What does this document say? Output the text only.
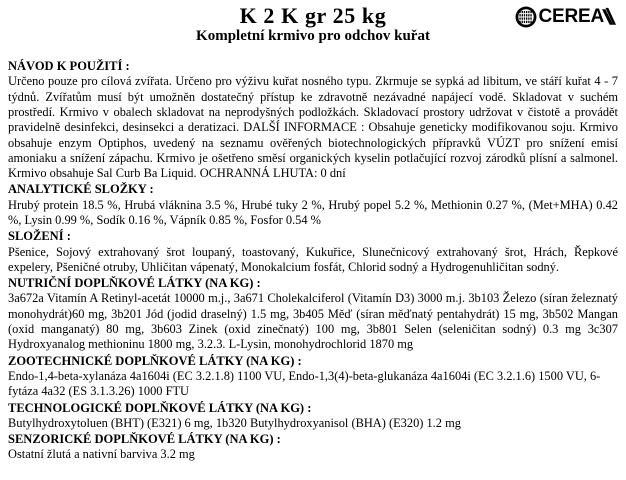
K 2 K gr 25 kg
Kompletní krmivo pro odchov kuřat
CEREA
NÁVOD K POUŽITÍ :

Určeno pouze pro cílová zvířata. Určeno pro výživu kuřat nosného typu. Zkrmuje se sypká ad libitum, ve stáří kuřat 4 - 7 týdnů. Zvířatům musí být umožněn dostatečný přístup ke zdravotně nezávadné napájecí vodě. Skladovat v suchém prostředí. Krmivo v obalech skladovat na neprodyšných podložkách. Skladovací prostory udržovat v čistotě a provádět pravidelně desinfekci, desinsekci a deratizaci. DALŠÍ INFORMACE : Obsahuje geneticky modifikovanou soju. Krmivo obsahuje enzym Optiphos, uvedený na seznamu ověřených biotechnologických přípravků VÚZT pro snížení emisí amoniaku a snížení zápachu. Krmivo je ošetřeno směsí organických kyselin potlačující rozvoj zárodků plísní a salmonel. Krmivo obsahuje Sal Curb Ba Liquid. OCHRANNÁ LHUTA: 0 dní

ANALYTICKÉ SLOŽKY :

Hrubý protein 18.5 %, Hrubá vláknina 3.5 %, Hrubé tuky 2 %, Hrubý popel 5.2 %, Methionin 0.27 %, (Met+MHA) 0.42 %, Lysin 0.99 %, Sodík 0.16 %, Vápník 0.85 %, Fosfor 0.54 %

SLOŽENÍ :

Pšenice, Sojový extrahovaný šrot loupaný, toastovaný, Kukuřice, Slunečnicový extrahovaný šrot, Hrách, Řepkové expelery, Pšeničné otruby, Uhličitan vápenatý, Monokalcium fosfát, Chlorid sodný a Hydrogenuhličitan sodný.

NUTRIČNÍ DOPLŇKOVÉ LÁTKY (NA KG) :

3a672a Vitamín A Retinyl-acetát 10000 m.j., 3a671 Cholekalciferol (Vitamín D3) 3000 m.j. 3b103 Železo (síran železnatý monohydrát)60 mg, 3b201 Jód (jodid draselný) 1.5 mg, 3b405 Měď (síran měďnatý pentahydrát) 15 mg, 3b502 Mangan (oxid manganatý) 80 mg, 3b603 Zinek (oxid zinečnatý) 100 mg, 3b801 Selen (seleničitan sodný) 0.3 mg 3c307 Hydroxyanalog methioninu 1800 mg, 3.2.3. L-Lysin, monohydrochlorid 1870 mg

ZOOTECHNICKÉ DOPLŇKOVÉ LÁTKY (NA KG) :

Endo-1,4-beta-xylanáza 4a1604i (EC 3.2.1.8) 1100 VU, Endo-1,3(4)-beta-glukanáza 4a1604i (EC 3.2.1.6) 1500 VU, 6-fytáza 4a32 (ES 3.1.3.26) 1000 FTU

TECHNOLOGICKÉ DOPLŇKOVÉ LÁTKY (NA KG) :

Butylhydroxytoluen (BHT) (E321) 6 mg, 1b320 Butylhydroxyanisol (BHA) (E320) 1.2 mg

SENZORICKÉ DOPLŇKOVÉ LÁTKY (NA KG) :

Ostatní žlutá a nativní barviva 3.2 mg
